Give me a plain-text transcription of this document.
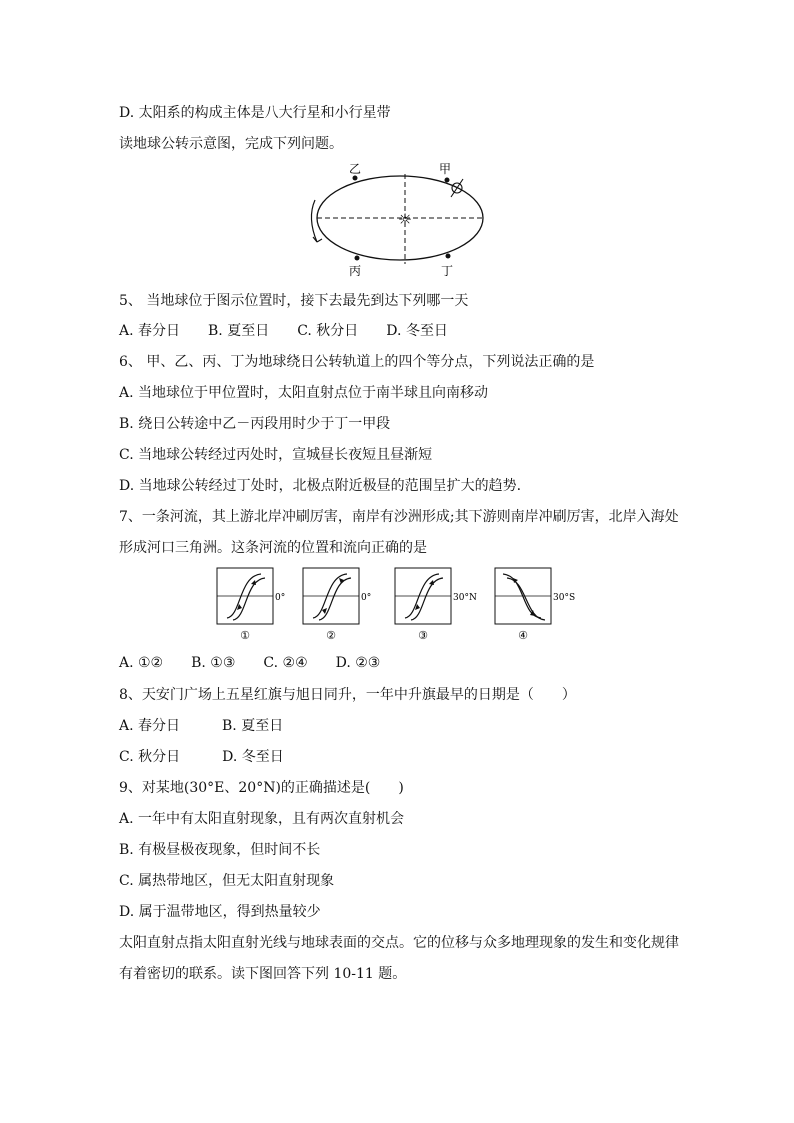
D. 太阳系的构成主体是八大行星和小行星带
读地球公转示意图，完成下列问题。
乙	甲
丙	丁
☼
5、 当地球位于图示位置时，接下去最先到达下列哪一天
A. 春分日　　B. 夏至日　　C. 秋分日　　D. 冬至日
6、 甲、乙、丙、丁为地球绕日公转轨道上的四个等分点，下列说法正确的是
A. 当地球位于甲位置时，太阳直射点位于南半球且向南移动
B. 绕日公转途中乙－丙段用时少于丁一甲段
C. 当地球公转经过丙处时，宣城昼长夜短且昼渐短
D. 当地球公转经过丁处时，北极点附近极昼的范围呈扩大的趋势.
7、一条河流，其上游北岸冲刷厉害，南岸有沙洲形成;其下游则南岸冲刷厉害，北岸入海处
形成河口三角洲。这条河流的位置和流向正确的是
0°
①
0°
②
30°N
③
30°S
④
A. ①②　　B. ①③　　C. ②④　　D. ②③
8、天安门广场上五星红旗与旭日同升，一年中升旗最早的日期是（　　）
A. 春分日　　　B. 夏至日
C. 秋分日　　　D. 冬至日
9、对某地(30°E、20°N)的正确描述是(　　)
A. 一年中有太阳直射现象，且有两次直射机会
B. 有极昼极夜现象，但时间不长
C. 属热带地区，但无太阳直射现象
D. 属于温带地区，得到热量较少
太阳直射点指太阳直射光线与地球表面的交点。它的位移与众多地理现象的发生和变化规律
有着密切的联系。读下图回答下列 10-11 题。
